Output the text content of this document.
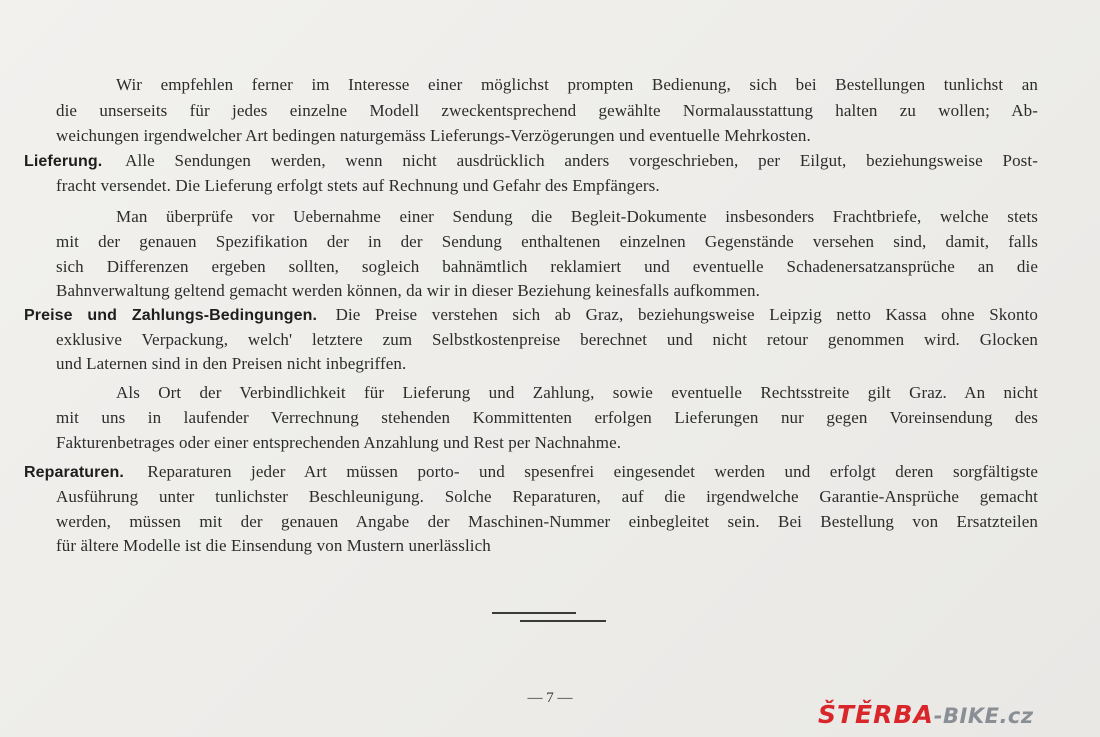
Wir empfehlen ferner im Interesse einer möglichst prompten Bedienung, sich bei Bestellungen tunlichst an
die unserseits für jedes einzelne Modell zweckentsprechend gewählte Normalausstattung halten zu wollen; Ab-
weichungen irgendwelcher Art bedingen naturgemäss Lieferungs-Verzögerungen und eventuelle Mehrkosten.
Lieferung. Alle Sendungen werden, wenn nicht ausdrücklich anders vorgeschrieben, per Eilgut, beziehungsweise Post-
fracht versendet. Die Lieferung erfolgt stets auf Rechnung und Gefahr des Empfängers.
Man überprüfe vor Uebernahme einer Sendung die Begleit-Dokumente insbesonders Frachtbriefe, welche stets
mit der genauen Spezifikation der in der Sendung enthaltenen einzelnen Gegenstände versehen sind, damit, falls
sich Differenzen ergeben sollten, sogleich bahnämtlich reklamiert und eventuelle Schadenersatzansprüche an die
Bahnverwaltung geltend gemacht werden können, da wir in dieser Beziehung keinesfalls aufkommen.
Preise und Zahlungs-Bedingungen. Die Preise verstehen sich ab Graz, beziehungsweise Leipzig netto Kassa ohne Skonto
exklusive Verpackung, welch' letztere zum Selbstkostenpreise berechnet und nicht retour genommen wird. Glocken
und Laternen sind in den Preisen nicht inbegriffen.
Als Ort der Verbindlichkeit für Lieferung und Zahlung, sowie eventuelle Rechtsstreite gilt Graz. An nicht
mit uns in laufender Verrechnung stehenden Kommittenten erfolgen Lieferungen nur gegen Voreinsendung des
Fakturenbetrages oder einer entsprechenden Anzahlung und Rest per Nachnahme.
Reparaturen. Reparaturen jeder Art müssen porto- und spesenfrei eingesendet werden und erfolgt deren sorgfältigste
Ausführung unter tunlichster Beschleunigung. Solche Reparaturen, auf die irgendwelche Garantie-Ansprüche gemacht
werden, müssen mit der genauen Angabe der Maschinen-Nummer einbegleitet sein. Bei Bestellung von Ersatzteilen
für ältere Modelle ist die Einsendung von Mustern unerlässlich
— 7 —
ŠTĚRBA-BIKE.cz
